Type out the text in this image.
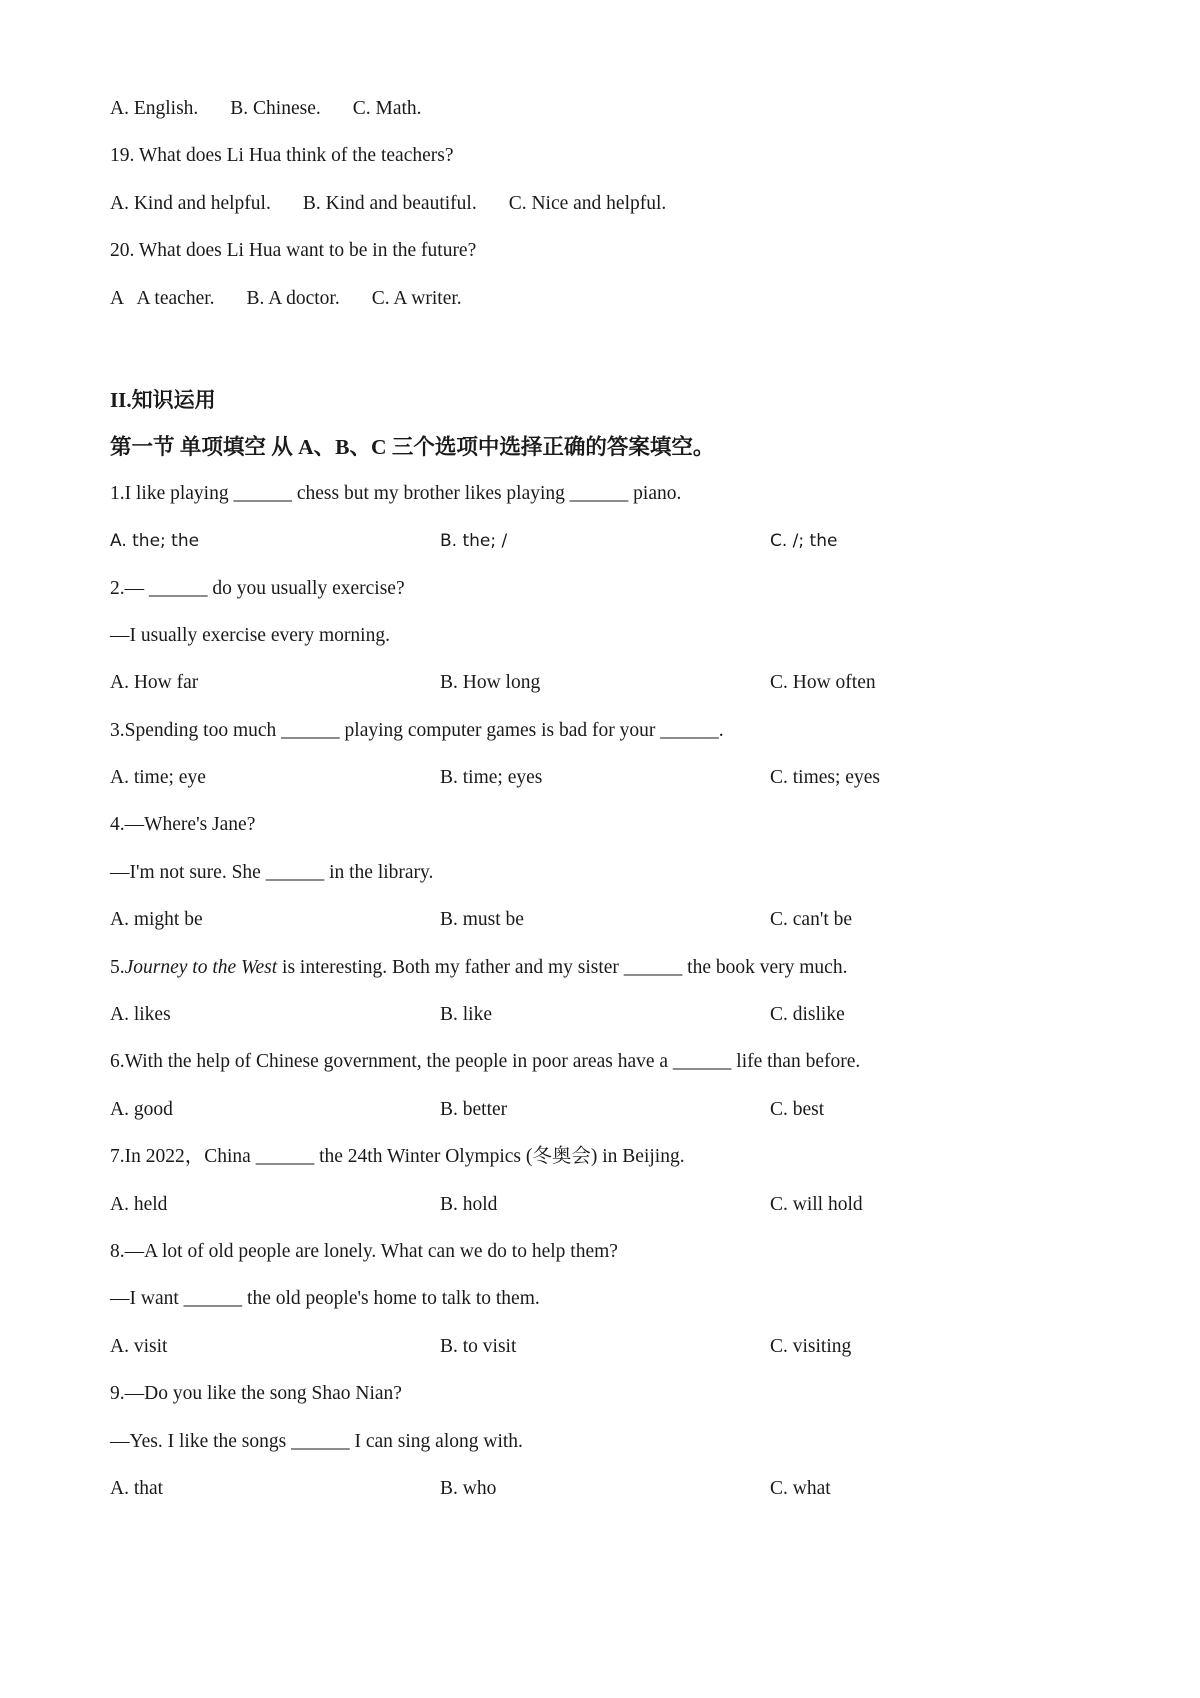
A. English. B. Chinese. C. Math.
19. What does Li Hua think of the teachers?
A. Kind and helpful. B. Kind and beautiful. C. Nice and helpful.
20. What does Li Hua want to be in the future?
A   A teacher. B. A doctor. C. A writer.
II.知识运用
第一节 单项填空 从 A、B、C 三个选项中选择正确的答案填空。
1.I like playing ______ chess but my brother likes playing ______ piano.
A. the; the	B. the; /	C. /; the
2.— ______ do you usually exercise?
—I usually exercise every morning.
A. How far	B. How long	C. How often
3.Spending too much ______ playing computer games is bad for your ______.
A. time; eye	B. time; eyes	C. times; eyes
4.—Where's Jane?
—I'm not sure. She ______ in the library.
A. might be	B. must be	C. can't be
5.Journey to the West is interesting. Both my father and my sister ______ the book very much.
A. likes	B. like	C. dislike
6.With the help of Chinese government, the people in poor areas have a ______ life than before.
A. good	B. better	C. best
7.In 2022，China ______ the 24th Winter Olympics (冬奥会) in Beijing.
A. held	B. hold	C. will hold
8.—A lot of old people are lonely. What can we do to help them?
—I want ______ the old people's home to talk to them.
A. visit	B. to visit	C. visiting
9.—Do you like the song Shao Nian?
—Yes. I like the songs ______ I can sing along with.
A. that	B. who	C. what
